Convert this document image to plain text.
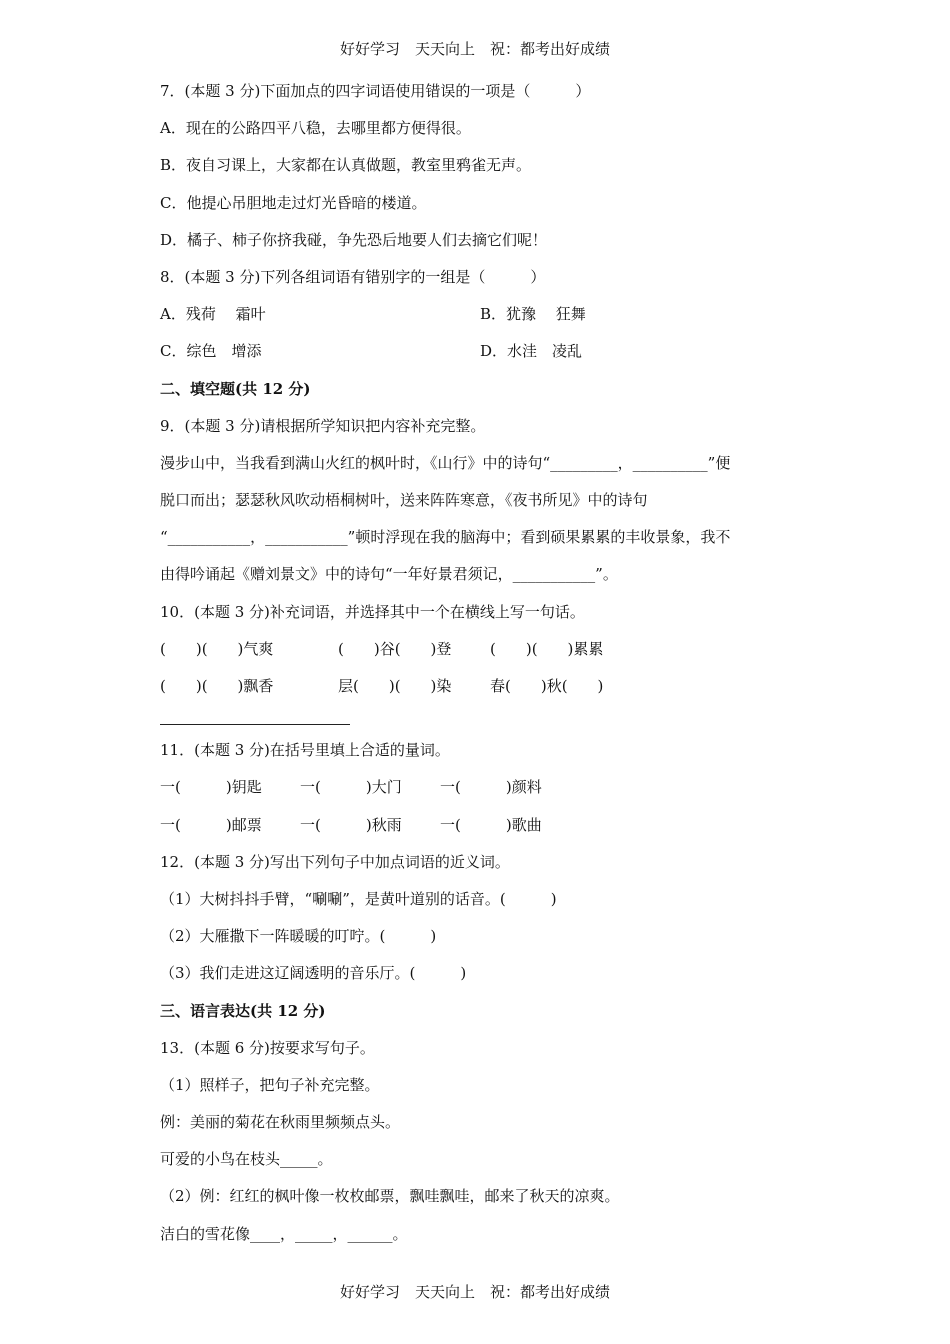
好好学习　天天向上　祝：都考出好成绩
7．(本题 3 分)下面加点的四字词语使用错误的一项是（　　　）
A．现在的公路四平八稳，去哪里都方便得很。
B．夜自习课上，大家都在认真做题，教室里鸦雀无声。
C．他提心吊胆地走过灯光昏暗的楼道。
D．橘子、柿子你挤我碰，争先恐后地要人们去摘它们呢！
8．(本题 3 分)下列各组词语有错别字的一组是（　　　）
A．残荷　 霜叶	B．犹豫　 狂舞
C．综色　增添	D．水洼　凌乱
二、填空题(共 12 分)
9．(本题 3 分)请根据所学知识把内容补充完整。
漫步山中，当我看到满山火红的枫叶时，《山行》中的诗句“_________，__________”便
脱口而出；瑟瑟秋风吹动梧桐树叶，送来阵阵寒意，《夜书所见》中的诗句
“___________，___________”顿时浮现在我的脑海中；看到硕果累累的丰收景象，我不
由得吟诵起《赠刘景文》中的诗句“一年好景君须记，___________”。
10．(本题 3 分)补充词语，并选择其中一个在横线上写一句话。
(　　)(　　)气爽	(　　)谷(　　)登	(　　)(　　)累累
(　　)(　　)飘香	层(　　)(　　)染	春(　　)秋(　　)
11．(本题 3 分)在括号里填上合适的量词。
一(　　　)钥匙	一(　　　)大门	一(　　　)颜料
一(　　　)邮票	一(　　　)秋雨	一(　　　)歌曲
12．(本题 3 分)写出下列句子中加点词语的近义词。
（1）大树抖抖手臂，“唰唰”，是黄叶道别的话音。(　　　)
（2）大雁撒下一阵暖暖的叮咛。(　　　)
（3）我们走进这辽阔透明的音乐厅。(　　　)
三、语言表达(共 12 分)
13．(本题 6 分)按要求写句子。
（1）照样子，把句子补充完整。
例：美丽的菊花在秋雨里频频点头。
可爱的小鸟在枝头_____。
（2）例：红红的枫叶像一枚枚邮票，飘哇飘哇，邮来了秋天的凉爽。
洁白的雪花像____，_____，______。
好好学习　天天向上　祝：都考出好成绩
